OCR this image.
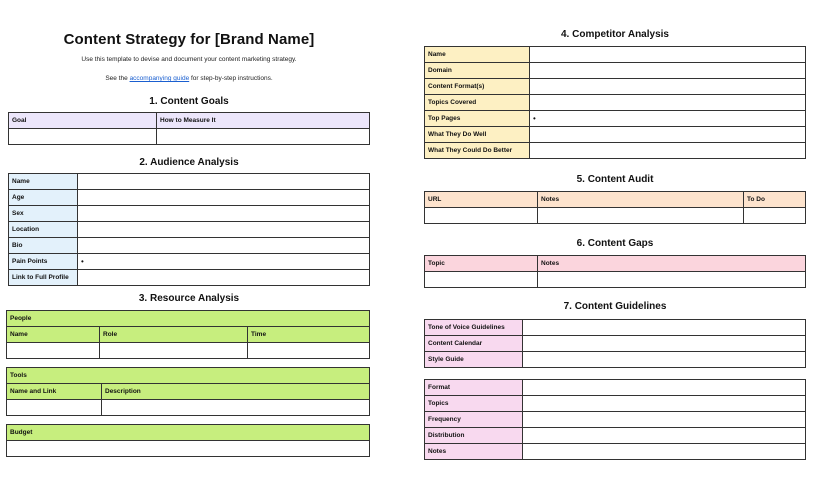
Content Strategy for [Brand Name]
Use this template to devise and document your content marketing strategy.
See the accompanying guide for step-by-step instructions.
1. Content Goals
Goal	How to Measure It

2. Audience Analysis
Name	
Age	
Sex	
Location	
Bio	
Pain Points	•
Link to Full Profile	
3. Resource Analysis
People		
Name	Role	Time

Tools	
Name and Link	Description

Budget

4. Competitor Analysis
Name	
Domain	
Content Format(s)	
Topics Covered	
Top Pages	•
What They Do Well	
What They Could Do Better	
5. Content Audit
URL	Notes	To Do

6. Content Gaps
Topic	Notes

7. Content Guidelines
Tone of Voice Guidelines	
Content Calendar	
Style Guide	
Format	
Topics	
Frequency	
Distribution	
Notes	
